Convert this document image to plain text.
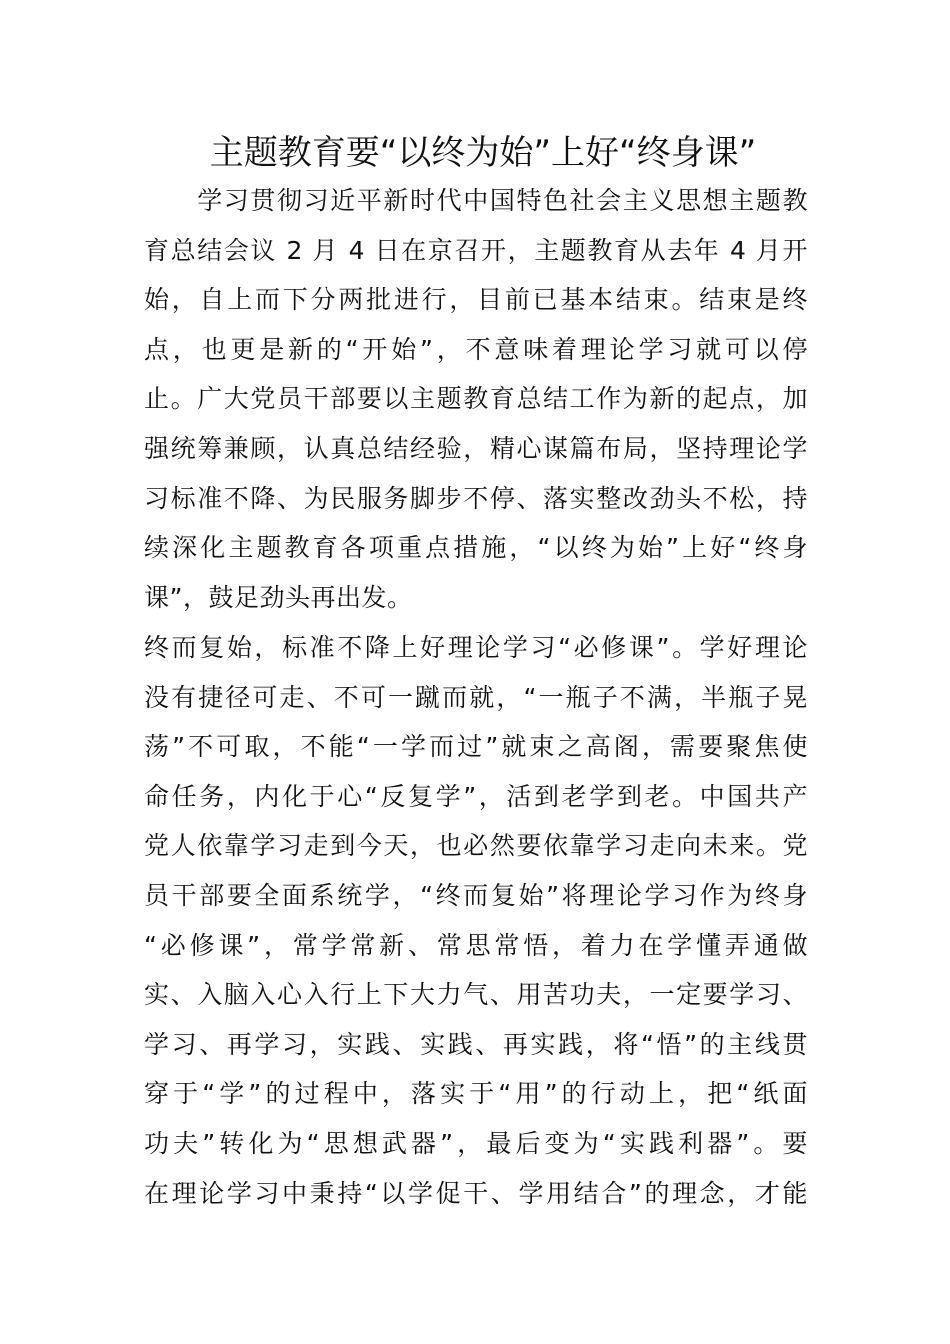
主题教育要“以终为始”上好“终身课”
　　学习贯彻习近平新时代中国特色社会主义思想主题教
育总结会议 2 月 4 日在京召开，主题教育从去年 4 月开
始，自上而下分两批进行，目前已基本结束。结束是终
点，也更是新的“开始”，不意味着理论学习就可以停
止。广大党员干部要以主题教育总结工作为新的起点，加
强统筹兼顾，认真总结经验，精心谋篇布局，坚持理论学
习标准不降、为民服务脚步不停、落实整改劲头不松，持
续深化主题教育各项重点措施，“以终为始”上好“终身
课”，鼓足劲头再出发。
终而复始，标准不降上好理论学习“必修课”。学好理论
没有捷径可走、不可一蹴而就，“一瓶子不满，半瓶子晃
荡”不可取，不能“一学而过”就束之高阁，需要聚焦使
命任务，内化于心“反复学”，活到老学到老。中国共产
党人依靠学习走到今天，也必然要依靠学习走向未来。党
员干部要全面系统学，“终而复始”将理论学习作为终身
“必修课”，常学常新、常思常悟，着力在学懂弄通做
实、入脑入心入行上下大力气、用苦功夫，一定要学习、
学习、再学习，实践、实践、再实践，将“悟”的主线贯
穿于“学”的过程中，落实于“用”的行动上，把“纸面
功夫”转化为“思想武器”，最后变为“实践利器”。要
在理论学习中秉持“以学促干、学用结合”的理念，才能
